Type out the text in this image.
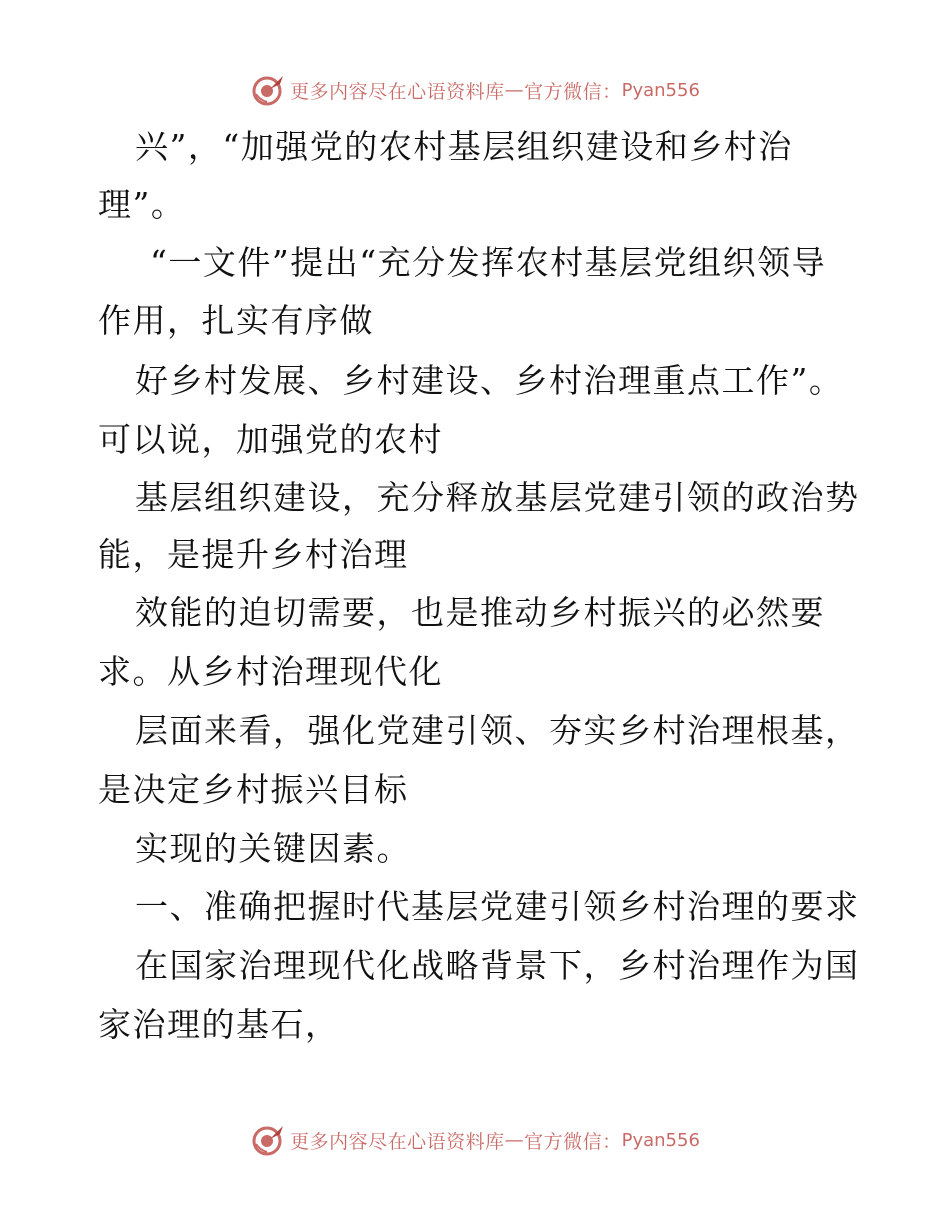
更多内容尽在心语资料库 — 官方微信： Pyan556
兴”，“加强党的农村基层组织建设和乡村治
理”。
“一文件”提出“充分发挥农村基层党组织领导
作用，扎实有序做
好乡村发展、乡村建设、乡村治理重点工作”。
可以说，加强党的农村
基层组织建设，充分释放基层党建引领的政治势
能，是提升乡村治理
效能的迫切需要，也是推动乡村振兴的必然要
求。从乡村治理现代化
层面来看，强化党建引领、夯实乡村治理根基，
是决定乡村振兴目标
实现的关键因素。
一、准确把握时代基层党建引领乡村治理的要求
在国家治理现代化战略背景下，乡村治理作为国
家治理的基石，
更多内容尽在心语资料库 — 官方微信： Pyan556
